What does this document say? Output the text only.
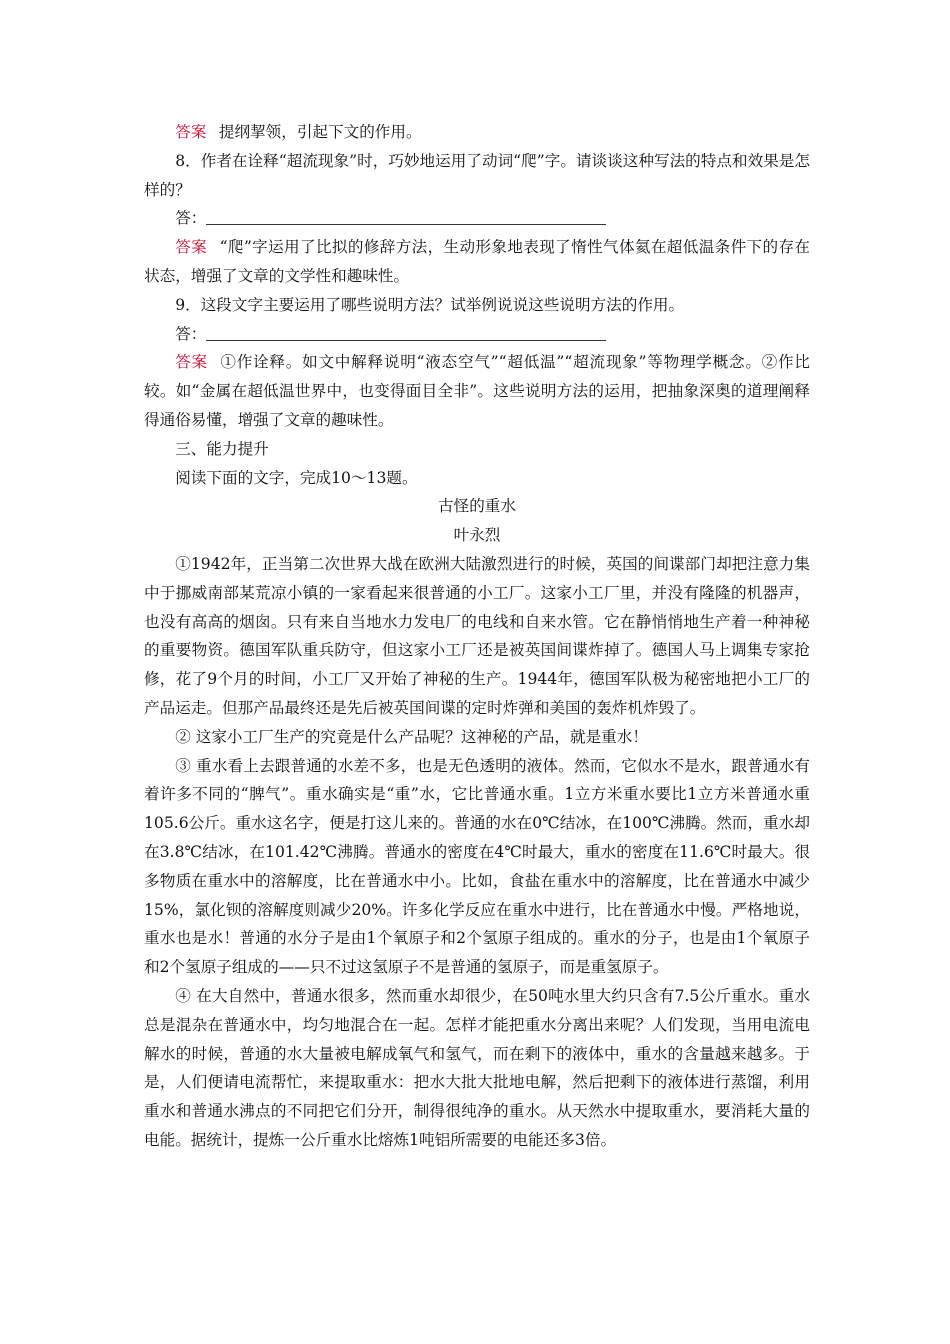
答案 提纲挈领，引起下文的作用。

8．作者在诠释“超流现象”时，巧妙地运用了动词“爬”字。请谈谈这种写法的特点和效果是怎样的？

答：

答案 “爬”字运用了比拟的修辞方法，生动形象地表现了惰性气体氦在超低温条件下的存在状态，增强了文章的文学性和趣味性。

9．这段文字主要运用了哪些说明方法？试举例说说这些说明方法的作用。

答：

答案 ①作诠释。如文中解释说明“液态空气”“超低温”“超流现象”等物理学概念。②作比较。如“金属在超低温世界中，也变得面目全非”。这些说明方法的运用，把抽象深奥的道理阐释得通俗易懂，增强了文章的趣味性。

三、能力提升

阅读下面的文字，完成10～13题。

古怪的重水

叶永烈

①1942年，正当第二次世界大战在欧洲大陆激烈进行的时候，英国的间谍部门却把注意力集中于挪威南部某荒凉小镇的一家看起来很普通的小工厂。这家小工厂里，并没有隆隆的机器声，也没有高高的烟囱。只有来自当地水力发电厂的电线和自来水管。它在静悄悄地生产着一种神秘的重要物资。德国军队重兵防守，但这家小工厂还是被英国间谍炸掉了。德国人马上调集专家抢修，花了9个月的时间，小工厂又开始了神秘的生产。1944年，德国军队极为秘密地把小工厂的产品运走。但那产品最终还是先后被英国间谍的定时炸弹和美国的轰炸机炸毁了。

② 这家小工厂生产的究竟是什么产品呢？这神秘的产品，就是重水！

③ 重水看上去跟普通的水差不多，也是无色透明的液体。然而，它似水不是水，跟普通水有着许多不同的“脾气”。重水确实是“重”水，它比普通水重。1立方米重水要比1立方米普通水重105.6公斤。重水这名字，便是打这儿来的。普通的水在0℃结冰，在100℃沸腾。然而，重水却在3.8℃结冰，在101.42℃沸腾。普通水的密度在4℃时最大，重水的密度在11.6℃时最大。很多物质在重水中的溶解度，比在普通水中小。比如，食盐在重水中的溶解度，比在普通水中减少15%，氯化钡的溶解度则减少20%。许多化学反应在重水中进行，比在普通水中慢。严格地说，重水也是水！普通的水分子是由1个氧原子和2个氢原子组成的。重水的分子，也是由1个氧原子和2个氢原子组成的——只不过这氢原子不是普通的氢原子，而是重氢原子。

④ 在大自然中，普通水很多，然而重水却很少，在50吨水里大约只含有7.5公斤重水。重水总是混杂在普通水中，均匀地混合在一起。怎样才能把重水分离出来呢？人们发现，当用电流电解水的时候，普通的水大量被电解成氧气和氢气，而在剩下的液体中，重水的含量越来越多。于是，人们便请电流帮忙，来提取重水：把水大批大批地电解，然后把剩下的液体进行蒸馏，利用重水和普通水沸点的不同把它们分开，制得很纯净的重水。从天然水中提取重水，要消耗大量的电能。据统计，提炼一公斤重水比熔炼1吨铝所需要的电能还多3倍。
